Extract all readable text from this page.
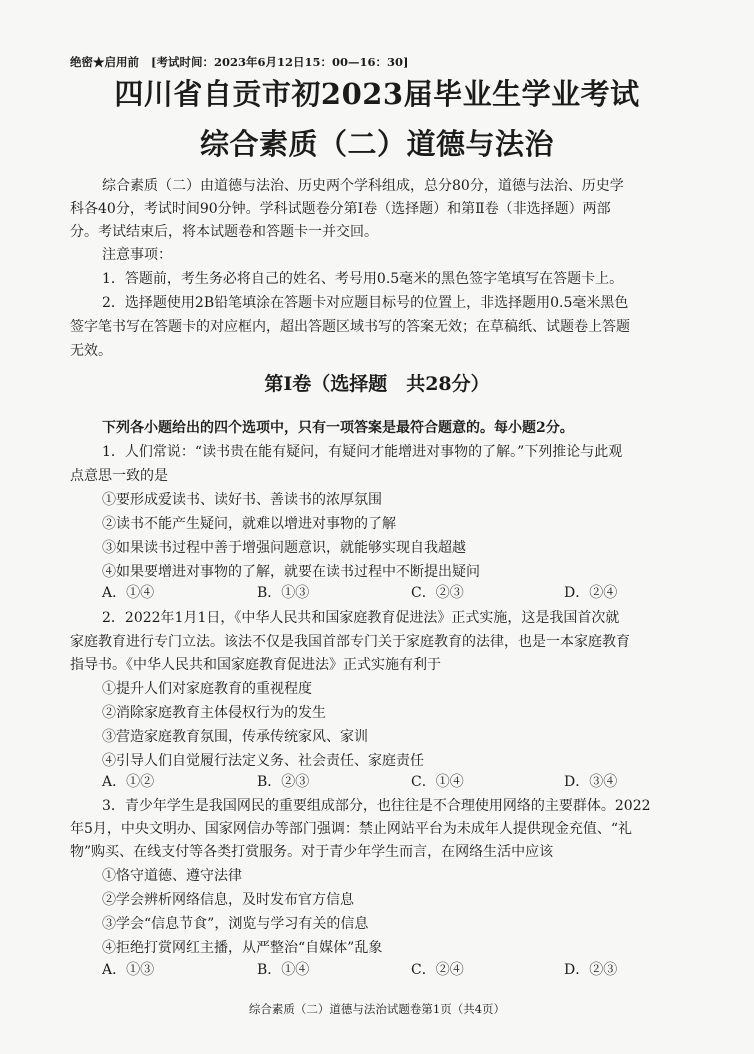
绝密★启用前 [考试时间：2023年6月12日15：00—16：30]
四川省自贡市初2023届毕业生学业考试
综合素质（二）道德与法治
综合素质（二）由道德与法治、历史两个学科组成，总分80分，道德与法治、历史学
科各40分，考试时间90分钟。学科试题卷分第Ⅰ卷（选择题）和第Ⅱ卷（非选择题）两部
分。考试结束后，将本试题卷和答题卡一并交回。
注意事项：
1．答题前，考生务必将自己的姓名、考号用0.5毫米的黑色签字笔填写在答题卡上。
2．选择题使用2B铅笔填涂在答题卡对应题目标号的位置上，非选择题用0.5毫米黑色
签字笔书写在答题卡的对应框内，超出答题区域书写的答案无效；在草稿纸、试题卷上答题
无效。
第Ⅰ卷（选择题　共28分）
下列各小题给出的四个选项中，只有一项答案是最符合题意的。每小题2分。
1．人们常说：“读书贵在能有疑问，有疑问才能增进对事物的了解。”下列推论与此观
点意思一致的是
①要形成爱读书、读好书、善读书的浓厚氛围
②读书不能产生疑问，就难以增进对事物的了解
③如果读书过程中善于增强问题意识，就能够实现自我超越
④如果要增进对事物的了解，就要在读书过程中不断提出疑问
A．①④	B．①③	C．②③	D．②④
2．2022年1月1日，《中华人民共和国家庭教育促进法》正式实施，这是我国首次就
家庭教育进行专门立法。该法不仅是我国首部专门关于家庭教育的法律，也是一本家庭教育
指导书。《中华人民共和国家庭教育促进法》正式实施有利于
①提升人们对家庭教育的重视程度
②消除家庭教育主体侵权行为的发生
③营造家庭教育氛围，传承传统家风、家训
④引导人们自觉履行法定义务、社会责任、家庭责任
A．①②	B．②③	C．①④	D．③④
3．青少年学生是我国网民的重要组成部分，也往往是不合理使用网络的主要群体。2022
年5月，中央文明办、国家网信办等部门强调：禁止网站平台为未成年人提供现金充值、“礼
物”购买、在线支付等各类打赏服务。对于青少年学生而言，在网络生活中应该
①恪守道德、遵守法律
②学会辨析网络信息，及时发布官方信息
③学会“信息节食”，浏览与学习有关的信息
④拒绝打赏网红主播，从严整治“自媒体”乱象
A．①③	B．①④	C．②④	D．②③
综合素质（二）道德与法治试题卷第1页（共4页）
